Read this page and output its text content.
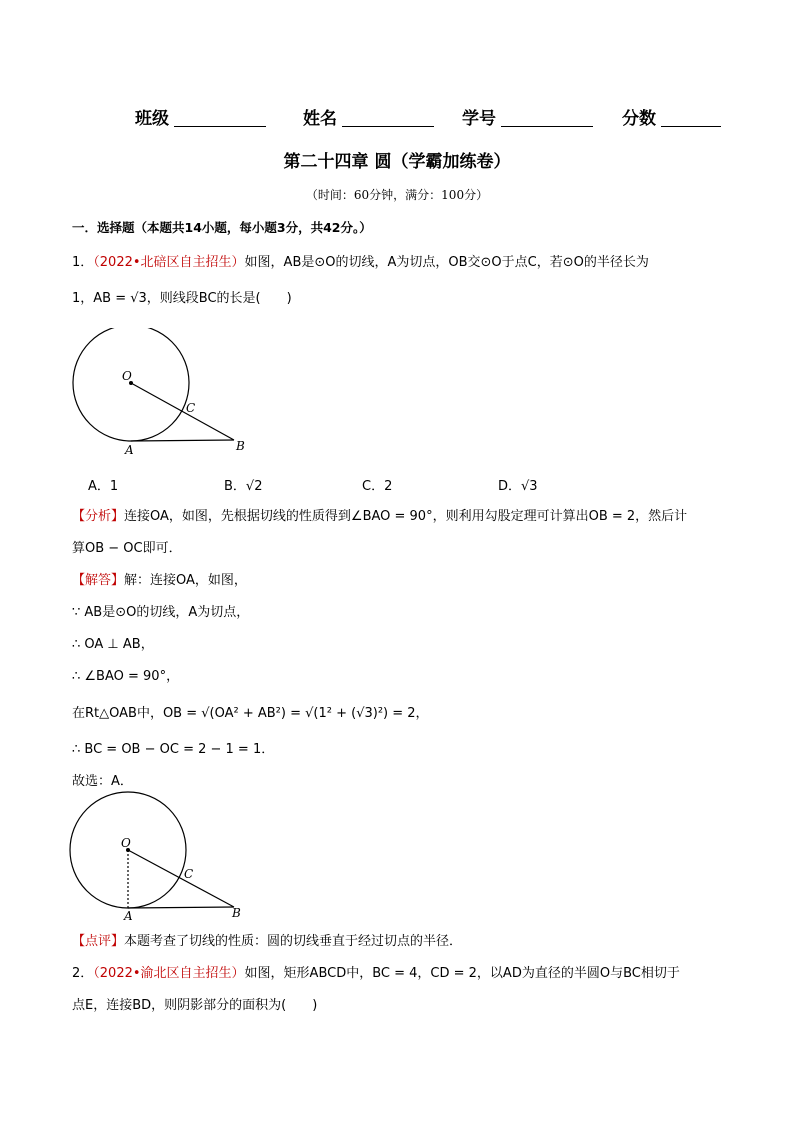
班级	姓名	学号	分数
第二十四章 圆（学霸加练卷）
（时间：60分钟，满分：100分）
一．选择题（本题共14小题，每小题3分，共42分。）
1．（2022•北碚区自主招生）如图，AB是⊙O的切线，A为切点，OB交⊙O于点C，若⊙O的半径长为
1，AB = √3，则线段BC的长是(　　)
O
C
A	B
A．1	B．√2	C．2	D．√3
【分析】连接OA，如图，先根据切线的性质得到∠BAO = 90°，则利用勾股定理可计算出OB = 2，然后计
算OB − OC即可．
【解答】解：连接OA，如图，
∵ AB是⊙O的切线，A为切点，
∴ OA ⊥ AB，
∴ ∠BAO = 90°，
在Rt△OAB中，OB = √(OA² + AB²) = √(1² + (√3)²) = 2，
∴ BC = OB − OC = 2 − 1 = 1．
故选：A．
O
C
A	B
【点评】本题考查了切线的性质：圆的切线垂直于经过切点的半径．
2．（2022•渝北区自主招生）如图，矩形ABCD中，BC = 4，CD = 2，以AD为直径的半圆O与BC相切于
点E，连接BD，则阴影部分的面积为(　　)
